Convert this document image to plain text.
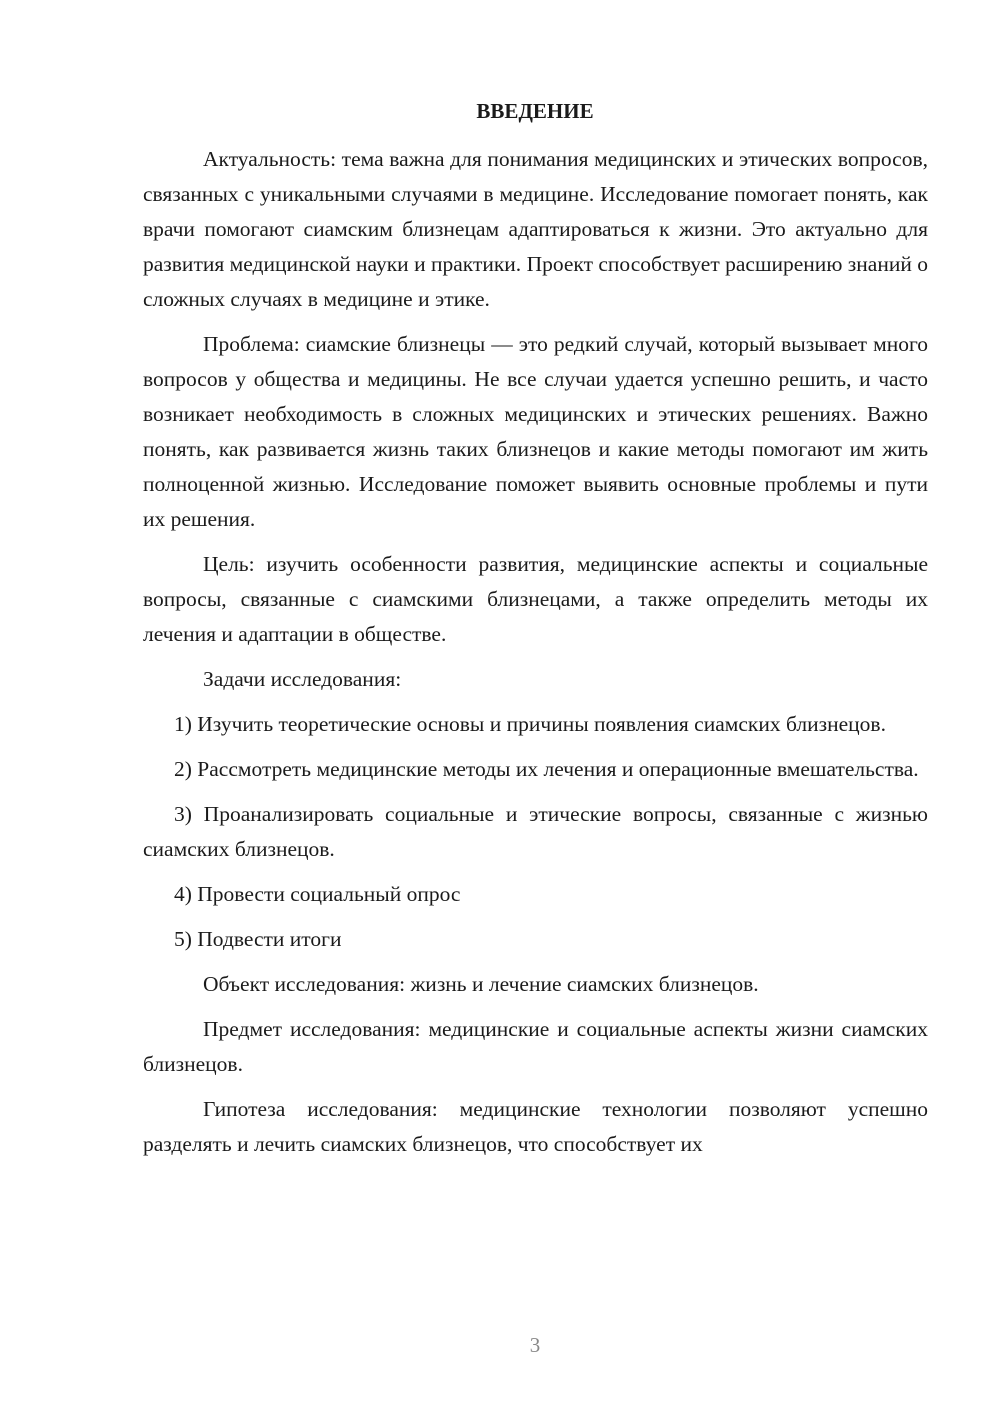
ВВЕДЕНИЕ

Актуальность: тема важна для понимания медицинских и этических вопросов, связанных с уникальными случаями в медицине. Исследование помогает понять, как врачи помогают сиамским близнецам адаптироваться к жизни. Это актуально для развития медицинской науки и практики. Проект способствует расширению знаний о сложных случаях в медицине и этике.

Проблема: сиамские близнецы — это редкий случай, который вызывает много вопросов у общества и медицины. Не все случаи удается успешно решить, и часто возникает необходимость в сложных медицинских и этических решениях. Важно понять, как развивается жизнь таких близнецов и какие методы помогают им жить полноценной жизнью. Исследование поможет выявить основные проблемы и пути их решения.

Цель: изучить особенности развития, медицинские аспекты и социальные вопросы, связанные с сиамскими близнецами, а также определить методы их лечения и адаптации в обществе.

Задачи исследования:

1) Изучить теоретические основы и причины появления сиамских близнецов.

2) Рассмотреть медицинские методы их лечения и операционные вмешательства.

3) Проанализировать социальные и этические вопросы, связанные с жизнью сиамских близнецов.

4) Провести социальный опрос

5) Подвести итоги

Объект исследования: жизнь и лечение сиамских близнецов.

Предмет исследования: медицинские и социальные аспекты жизни сиамских близнецов.

Гипотеза исследования: медицинские технологии позволяют успешно разделять и лечить сиамских близнецов, что способствует их

3
